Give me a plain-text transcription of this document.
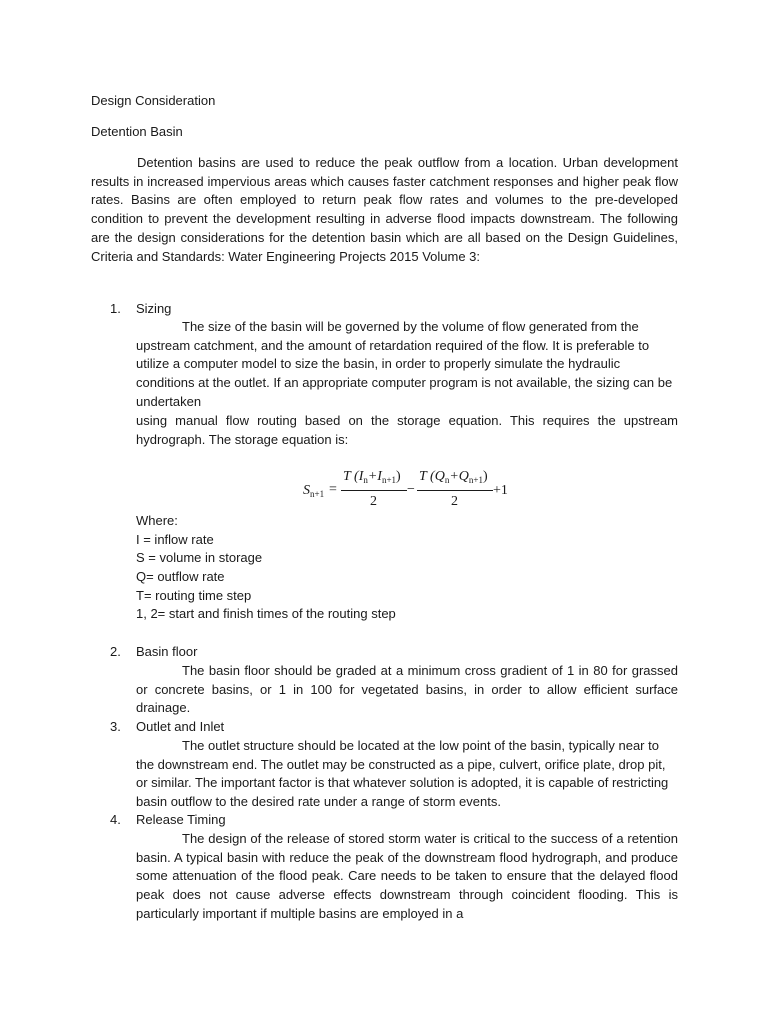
Design Consideration

Detention Basin

Detention basins are used to reduce the peak outflow from a location. Urban development results in increased impervious areas which causes faster catchment responses and higher peak flow rates. Basins are often employed to return peak flow rates and volumes to the pre-developed condition to prevent the development resulting in adverse flood impacts downstream. The following are the design considerations for the detention basin which are all based on the Design Guidelines, Criteria and Standards: Water Engineering Projects 2015 Volume 3:

1.	Sizing

The size of the basin will be governed by the volume of flow generated from the upstream catchment, and the amount of retardation required of the flow. It is preferable to utilize a computer model to size the basin, in order to properly simulate the hydraulic conditions at the outlet. If an appropriate computer program is not available, the sizing can be undertaken

using manual flow routing based on the storage equation. This requires the upstream hydrograph. The storage equation is:

$S_{n+1}$ =
T $(I_n+I_{n+1})$
2
−
T $(Q_n+Q_{n+1})$
2
+1
Where:
I = inflow rate
S = volume in storage
Q= outflow rate
T= routing time step
1, 2= start and finish times of the routing step
2.	Basin floor

The basin floor should be graded at a minimum cross gradient of 1 in 80 for grassed or concrete basins, or 1 in 100 for vegetated basins, in order to allow efficient surface drainage.

3.	Outlet and Inlet

The outlet structure should be located at the low point of the basin, typically near to the downstream end. The outlet may be constructed as a pipe, culvert, orifice plate, drop pit, or similar. The important factor is that whatever solution is adopted, it is capable of restricting basin outflow to the desired rate under a range of storm events.

4.	Release Timing

The design of the release of stored storm water is critical to the success of a retention basin. A typical basin with reduce the peak of the downstream flood hydrograph, and produce some attenuation of the flood peak. Care needs to be taken to ensure that the delayed flood peak does not cause adverse effects downstream through coincident flooding. This is particularly important if multiple basins are employed in a
